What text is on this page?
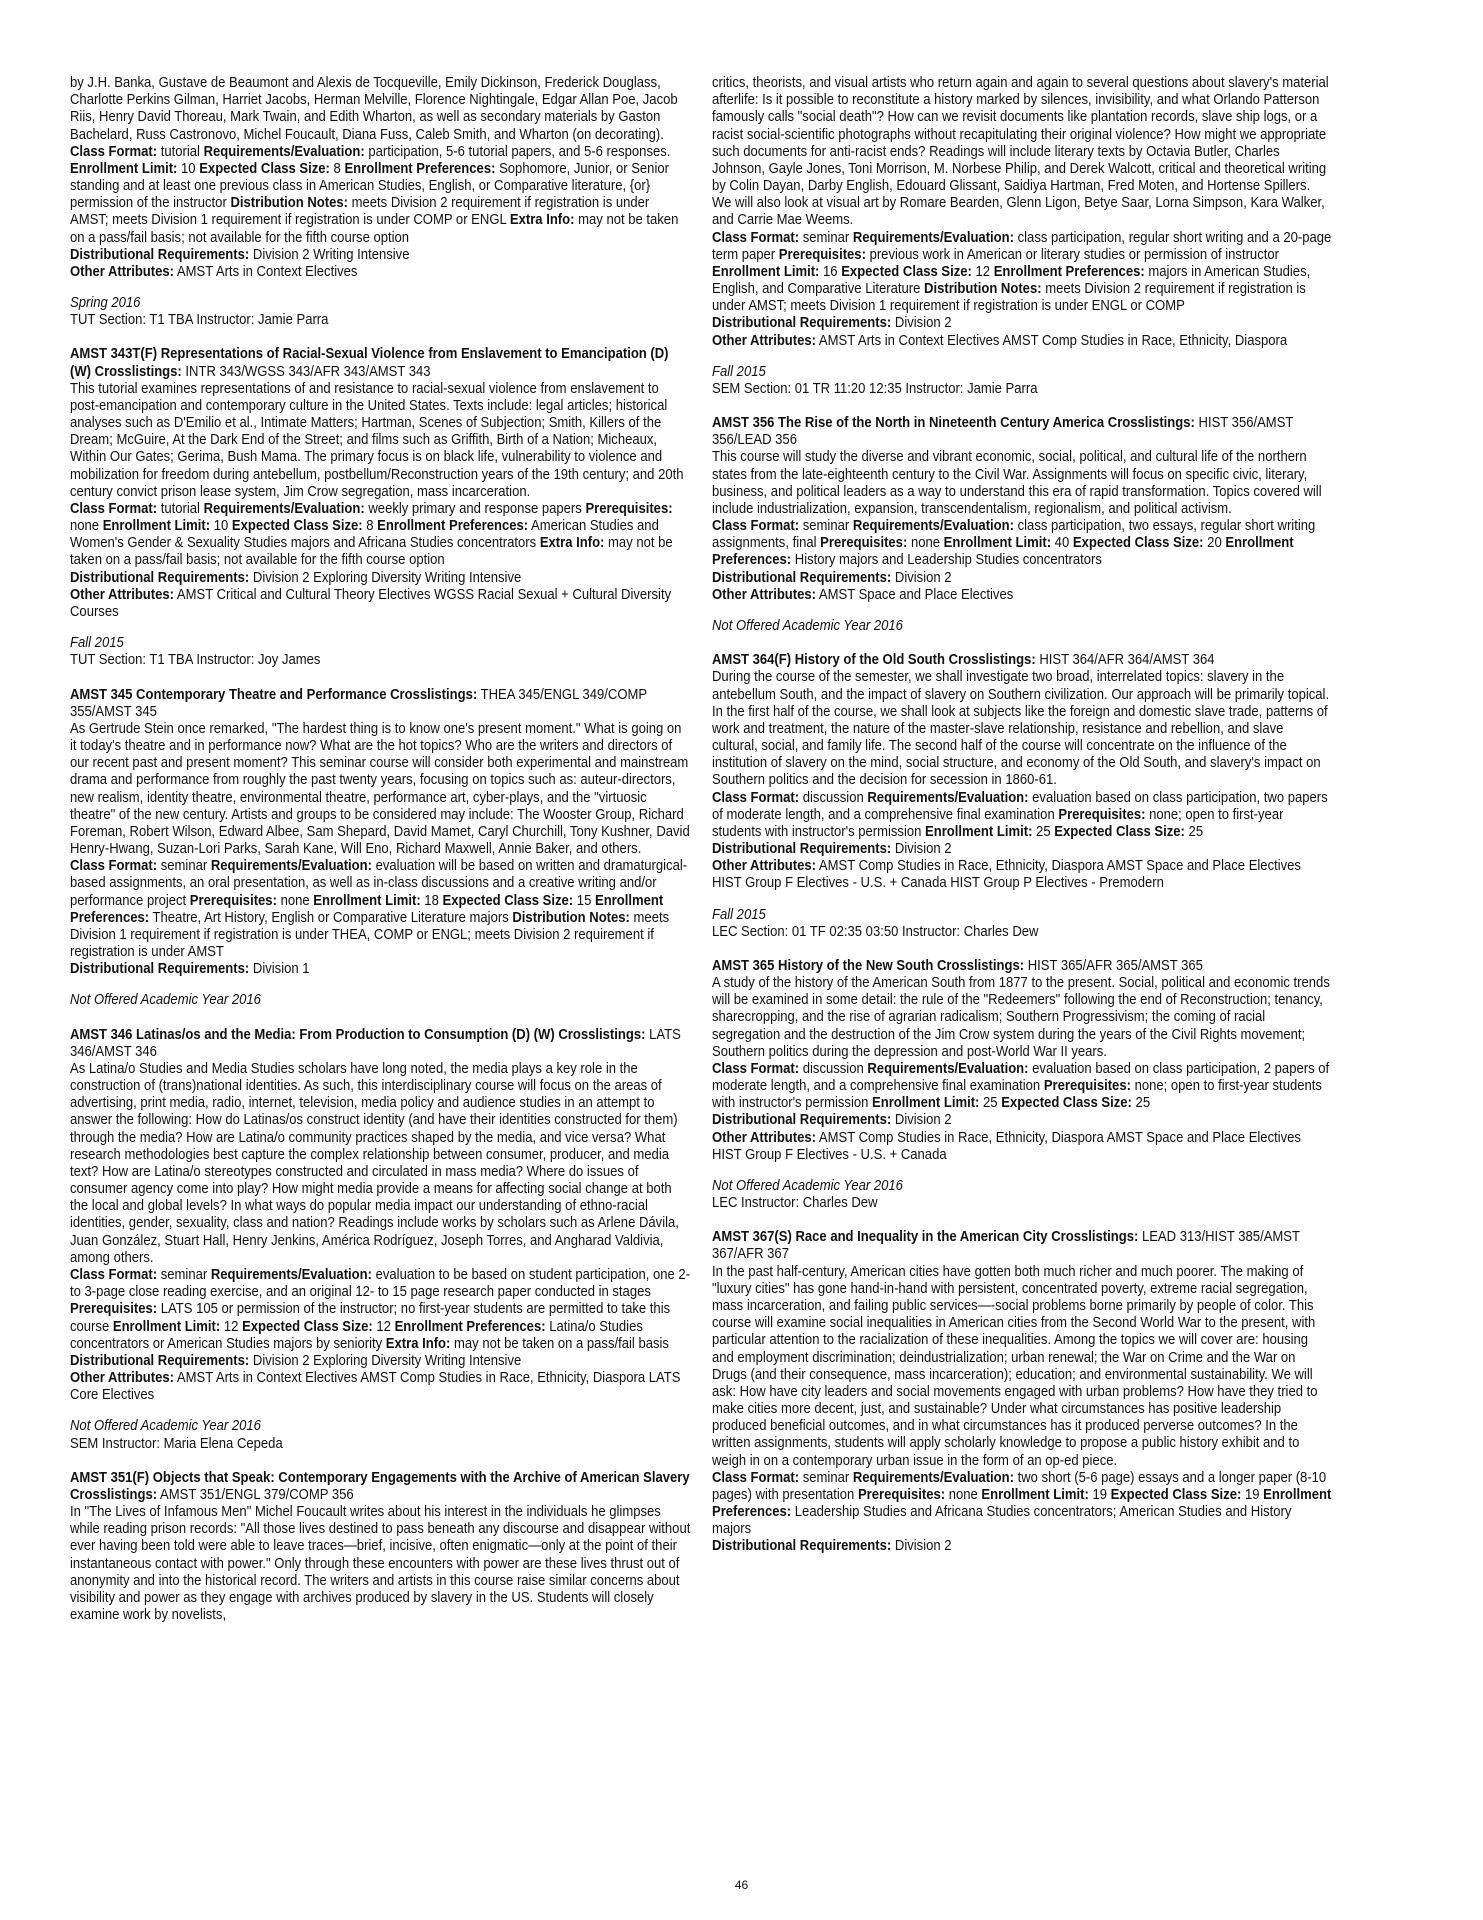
by J.H. Banka, Gustave de Beaumont and Alexis de Tocqueville, Emily Dickinson, Frederick Douglass, Charlotte Perkins Gilman, Harriet Jacobs, Herman Melville, Florence Nightingale, Edgar Allan Poe, Jacob Riis, Henry David Thoreau, Mark Twain, and Edith Wharton, as well as secondary materials by Gaston Bachelard, Russ Castronovo, Michel Foucault, Diana Fuss, Caleb Smith, and Wharton (on decorating).
Class Format: tutorial Requirements/Evaluation: participation, 5-6 tutorial papers, and 5-6 responses. Enrollment Limit: 10 Expected Class Size: 8 Enrollment Preferences: Sophomore, Junior, or Senior standing and at least one previous class in American Studies, English, or Comparative literature, {or} permission of the instructor Distribution Notes: meets Division 2 requirement if registration is under AMST; meets Division 1 requirement if registration is under COMP or ENGL Extra Info: may not be taken on a pass/fail basis; not available for the fifth course option

Distributional Requirements: Division 2 Writing Intensive
Other Attributes: AMST Arts in Context Electives
Spring 2016
TUT Section: T1 TBA Instructor: Jamie Parra

AMST 343T(F) Representations of Racial-Sexual Violence from Enslavement to Emancipation (D) (W) Crosslistings: INTR 343/WGSS 343/AFR 343/AMST 343
This tutorial examines representations of and resistance to racial-sexual violence from enslavement to post-emancipation and contemporary culture in the United States. Texts include: legal articles; historical analyses such as D'Emilio et al., Intimate Matters; Hartman, Scenes of Subjection; Smith, Killers of the Dream; McGuire, At the Dark End of the Street; and films such as Griffith, Birth of a Nation; Micheaux, Within Our Gates; Gerima, Bush Mama. The primary focus is on black life, vulnerability to violence and mobilization for freedom during antebellum, postbellum/Reconstruction years of the 19th century; and 20th century convict prison lease system, Jim Crow segregation, mass incarceration.
Class Format: tutorial Requirements/Evaluation: weekly primary and response papers Prerequisites: none Enrollment Limit: 10 Expected Class Size: 8 Enrollment Preferences: American Studies and Women's Gender & Sexuality Studies majors and Africana Studies concentrators Extra Info: may not be taken on a pass/fail basis; not available for the fifth course option

Distributional Requirements: Division 2 Exploring Diversity Writing Intensive
Other Attributes: AMST Critical and Cultural Theory Electives WGSS Racial Sexual + Cultural Diversity Courses
Fall 2015
TUT Section: T1 TBA Instructor: Joy James

AMST 345 Contemporary Theatre and Performance Crosslistings: THEA 345/ENGL 349/COMP 355/AMST 345
As Gertrude Stein once remarked, "The hardest thing is to know one's present moment." What is going on it today's theatre and in performance now? What are the hot topics? Who are the writers and directors of our recent past and present moment? This seminar course will consider both experimental and mainstream drama and performance from roughly the past twenty years, focusing on topics such as: auteur-directors, new realism, identity theatre, environmental theatre, performance art, cyber-plays, and the "virtuosic theatre" of the new century. Artists and groups to be considered may include: The Wooster Group, Richard Foreman, Robert Wilson, Edward Albee, Sam Shepard, David Mamet, Caryl Churchill, Tony Kushner, David Henry-Hwang, Suzan-Lori Parks, Sarah Kane, Will Eno, Richard Maxwell, Annie Baker, and others.
Class Format: seminar Requirements/Evaluation: evaluation will be based on written and dramaturgical-based assignments, an oral presentation, as well as in-class discussions and a creative writing and/or performance project Prerequisites: none Enrollment Limit: 18 Expected Class Size: 15 Enrollment Preferences: Theatre, Art History, English or Comparative Literature majors Distribution Notes: meets Division 1 requirement if registration is under THEA, COMP or ENGL; meets Division 2 requirement if registration is under AMST

Distributional Requirements: Division 1
Not Offered Academic Year 2016

AMST 346 Latinas/os and the Media: From Production to Consumption (D) (W) Crosslistings: LATS 346/AMST 346
As Latina/o Studies and Media Studies scholars have long noted, the media plays a key role in the construction of (trans)national identities. As such, this interdisciplinary course will focus on the areas of advertising, print media, radio, internet, television, media policy and audience studies in an attempt to answer the following: How do Latinas/os construct identity (and have their identities constructed for them) through the media? How are Latina/o community practices shaped by the media, and vice versa? What research methodologies best capture the complex relationship between consumer, producer, and media text? How are Latina/o stereotypes constructed and circulated in mass media? Where do issues of consumer agency come into play? How might media provide a means for affecting social change at both the local and global levels? In what ways do popular media impact our understanding of ethno-racial identities, gender, sexuality, class and nation? Readings include works by scholars such as Arlene Dávila, Juan González, Stuart Hall, Henry Jenkins, América Rodríguez, Joseph Torres, and Angharad Valdivia, among others.
Class Format: seminar Requirements/Evaluation: evaluation to be based on student participation, one 2- to 3-page close reading exercise, and an original 12- to 15 page research paper conducted in stages Prerequisites: LATS 105 or permission of the instructor; no first-year students are permitted to take this course Enrollment Limit: 12 Expected Class Size: 12 Enrollment Preferences: Latina/o Studies concentrators or American Studies majors by seniority Extra Info: may not be taken on a pass/fail basis

Distributional Requirements: Division 2 Exploring Diversity Writing Intensive
Other Attributes: AMST Arts in Context Electives AMST Comp Studies in Race, Ethnicity, Diaspora LATS Core Electives
Not Offered Academic Year 2016
SEM Instructor: Maria Elena Cepeda

AMST 351(F) Objects that Speak: Contemporary Engagements with the Archive of American Slavery Crosslistings: AMST 351/ENGL 379/COMP 356
In "The Lives of Infamous Men" Michel Foucault writes about his interest in the individuals he glimpses while reading prison records: "All those lives destined to pass beneath any discourse and disappear without ever having been told were able to leave traces—brief, incisive, often enigmatic—only at the point of their instantaneous contact with power." Only through these encounters with power are these lives thrust out of anonymity and into the historical record. The writers and artists in this course raise similar concerns about visibility and power as they engage with archives produced by slavery in the US. Students will closely examine work by novelists,

critics, theorists, and visual artists who return again and again to several questions about slavery's material afterlife: Is it possible to reconstitute a history marked by silences, invisibility, and what Orlando Patterson famously calls "social death"? How can we revisit documents like plantation records, slave ship logs, or a racist social-scientific photographs without recapitulating their original violence? How might we appropriate such documents for anti-racist ends? Readings will include literary texts by Octavia Butler, Charles Johnson, Gayle Jones, Toni Morrison, M. Norbese Philip, and Derek Walcott, critical and theoretical writing by Colin Dayan, Darby English, Edouard Glissant, Saidiya Hartman, Fred Moten, and Hortense Spillers. We will also look at visual art by Romare Bearden, Glenn Ligon, Betye Saar, Lorna Simpson, Kara Walker, and Carrie Mae Weems.
Class Format: seminar Requirements/Evaluation: class participation, regular short writing and a 20-page term paper Prerequisites: previous work in American or literary studies or permission of instructor Enrollment Limit: 16 Expected Class Size: 12 Enrollment Preferences: majors in American Studies, English, and Comparative Literature Distribution Notes: meets Division 2 requirement if registration is under AMST; meets Division 1 requirement if registration is under ENGL or COMP

Distributional Requirements: Division 2
Other Attributes: AMST Arts in Context Electives AMST Comp Studies in Race, Ethnicity, Diaspora
Fall 2015
SEM Section: 01 TR 11:20 12:35 Instructor: Jamie Parra

AMST 356 The Rise of the North in Nineteenth Century America Crosslistings: HIST 356/AMST 356/LEAD 356
This course will study the diverse and vibrant economic, social, political, and cultural life of the northern states from the late-eighteenth century to the Civil War. Assignments will focus on specific civic, literary, business, and political leaders as a way to understand this era of rapid transformation. Topics covered will include industrialization, expansion, transcendentalism, regionalism, and political activism.
Class Format: seminar Requirements/Evaluation: class participation, two essays, regular short writing assignments, final Prerequisites: none Enrollment Limit: 40 Expected Class Size: 20 Enrollment Preferences: History majors and Leadership Studies concentrators

Distributional Requirements: Division 2
Other Attributes: AMST Space and Place Electives
Not Offered Academic Year 2016

AMST 364(F) History of the Old South Crosslistings: HIST 364/AFR 364/AMST 364
During the course of the semester, we shall investigate two broad, interrelated topics: slavery in the antebellum South, and the impact of slavery on Southern civilization. Our approach will be primarily topical. In the first half of the course, we shall look at subjects like the foreign and domestic slave trade, patterns of work and treatment, the nature of the master-slave relationship, resistance and rebellion, and slave cultural, social, and family life. The second half of the course will concentrate on the influence of the institution of slavery on the mind, social structure, and economy of the Old South, and slavery's impact on Southern politics and the decision for secession in 1860-61.
Class Format: discussion Requirements/Evaluation: evaluation based on class participation, two papers of moderate length, and a comprehensive final examination Prerequisites: none; open to first-year students with instructor's permission Enrollment Limit: 25 Expected Class Size: 25

Distributional Requirements: Division 2
Other Attributes: AMST Comp Studies in Race, Ethnicity, Diaspora AMST Space and Place Electives HIST Group F Electives - U.S. + Canada HIST Group P Electives - Premodern
Fall 2015
LEC Section: 01 TF 02:35 03:50 Instructor: Charles Dew

AMST 365 History of the New South Crosslistings: HIST 365/AFR 365/AMST 365
A study of the history of the American South from 1877 to the present. Social, political and economic trends will be examined in some detail: the rule of the "Redeemers" following the end of Reconstruction; tenancy, sharecropping, and the rise of agrarian radicalism; Southern Progressivism; the coming of racial segregation and the destruction of the Jim Crow system during the years of the Civil Rights movement; Southern politics during the depression and post-World War II years.
Class Format: discussion Requirements/Evaluation: evaluation based on class participation, 2 papers of moderate length, and a comprehensive final examination Prerequisites: none; open to first-year students with instructor's permission Enrollment Limit: 25 Expected Class Size: 25

Distributional Requirements: Division 2
Other Attributes: AMST Comp Studies in Race, Ethnicity, Diaspora AMST Space and Place Electives HIST Group F Electives - U.S. + Canada
Not Offered Academic Year 2016
LEC Instructor: Charles Dew

AMST 367(S) Race and Inequality in the American City Crosslistings: LEAD 313/HIST 385/AMST 367/AFR 367
In the past half-century, American cities have gotten both much richer and much poorer. The making of "luxury cities" has gone hand-in-hand with persistent, concentrated poverty, extreme racial segregation, mass incarceration, and failing public services—-social problems borne primarily by people of color. This course will examine social inequalities in American cities from the Second World War to the present, with particular attention to the racialization of these inequalities. Among the topics we will cover are: housing and employment discrimination; deindustrialization; urban renewal; the War on Crime and the War on Drugs (and their consequence, mass incarceration); education; and environmental sustainability. We will ask: How have city leaders and social movements engaged with urban problems? How have they tried to make cities more decent, just, and sustainable? Under what circumstances has positive leadership produced beneficial outcomes, and in what circumstances has it produced perverse outcomes? In the written assignments, students will apply scholarly knowledge to propose a public history exhibit and to weigh in on a contemporary urban issue in the form of an op-ed piece.
Class Format: seminar Requirements/Evaluation: two short (5-6 page) essays and a longer paper (8-10 pages) with presentation Prerequisites: none Enrollment Limit: 19 Expected Class Size: 19 Enrollment Preferences: Leadership Studies and Africana Studies concentrators; American Studies and History majors

Distributional Requirements: Division 2
46
